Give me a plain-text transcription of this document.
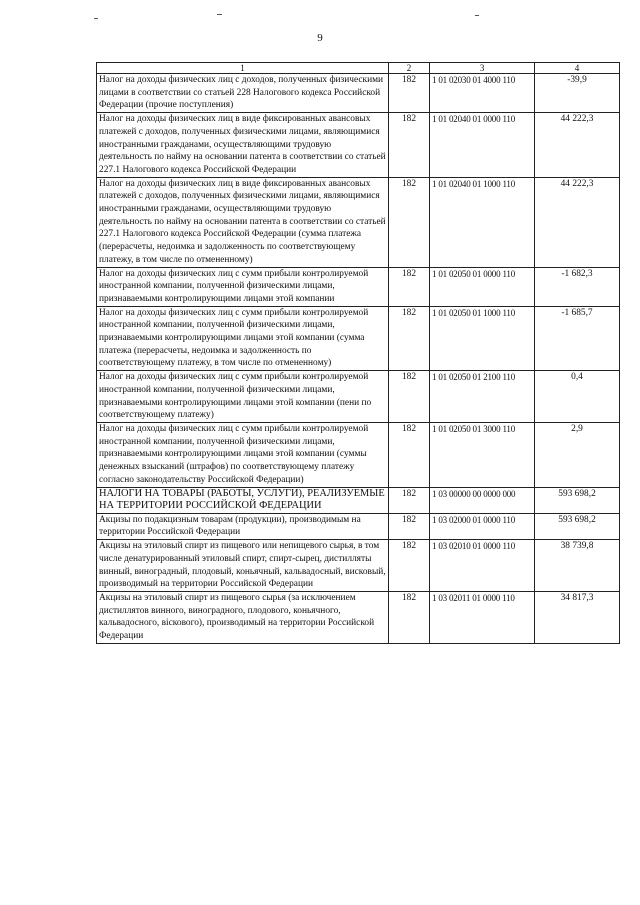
9
1	2	3	4
Налог на доходы физических лиц с доходов, полученных физическими лицами в соответствии со статьей 228 Налогового кодекса Российской Федерации (прочие поступления)	182	1 01 02030 01 4000 110	-39,9
Налог на доходы физических лиц в виде фиксированных авансовых платежей с доходов, полученных физическими лицами, являющимися иностранными гражданами, осуществляющими трудовую деятельность по найму на основании патента в соответствии со статьей 227.1 Налогового кодекса Российской Федерации	182	1 01 02040 01 0000 110	44 222,3
Налог на доходы физических лиц в виде фиксированных авансовых платежей с доходов, полученных физическими лицами, являющимися иностранными гражданами, осуществляющими трудовую деятельность по найму на основании патента в соответствии со статьей 227.1 Налогового кодекса Российской Федерации (сумма платежа (перерасчеты, недоимка и задолженность по соответствующему платежу, в том числе по отмененному)	182	1 01 02040 01 1000 110	44 222,3
Налог на доходы физических лиц с сумм прибыли контролируемой иностранной компании, полученной физическими лицами, признаваемыми контролирующими лицами этой компании	182	1 01 02050 01 0000 110	-1 682,3
Налог на доходы физических лиц с сумм прибыли контролируемой иностранной компании, полученной физическими лицами, признаваемыми контролирующими лицами этой компании (сумма платежа (перерасчеты, недоимка и задолженность по соответствующему платежу, в том числе по отмененному)	182	1 01 02050 01 1000 110	-1 685,7
Налог на доходы физических лиц с сумм прибыли контролируемой иностранной компании, полученной физическими лицами, признаваемыми контролирующими лицами этой компании (пени по соответствующему платежу)	182	1 01 02050 01 2100 110	0,4
Налог на доходы физических лиц с сумм прибыли контролируемой иностранной компании, полученной физическими лицами, признаваемыми контролирующими лицами этой компании (суммы денежных взысканий (штрафов) по соответствующему платежу согласно законодательству Российской Федерации)	182	1 01 02050 01 3000 110	2,9
НАЛОГИ НА ТОВАРЫ (РАБОТЫ, УСЛУГИ), РЕАЛИЗУЕМЫЕ НА ТЕРРИТОРИИ РОССИЙСКОЙ ФЕДЕРАЦИИ	182	1 03 00000 00 0000 000	593 698,2
Акцизы по подакцизным товарам (продукции), производимым на территории Российской Федерации	182	1 03 02000 01 0000 110	593 698,2
Акцизы на этиловый спирт из пищевого или непищевого сырья, в том числе денатурированный этиловый спирт, спирт-сырец, дистилляты винный, виноградный, плодовый, коньячный, кальвадосный, висковый, производимый на территории Российской Федерации	182	1 03 02010 01 0000 110	38 739,8
Акцизы на этиловый спирт из пищевого сырья (за исключением дистиллятов винного, виноградного, плодового, коньячного, кальвадосного, віскового), производимый на территории Российской Федерации	182	1 03 02011 01 0000 110	34 817,3
